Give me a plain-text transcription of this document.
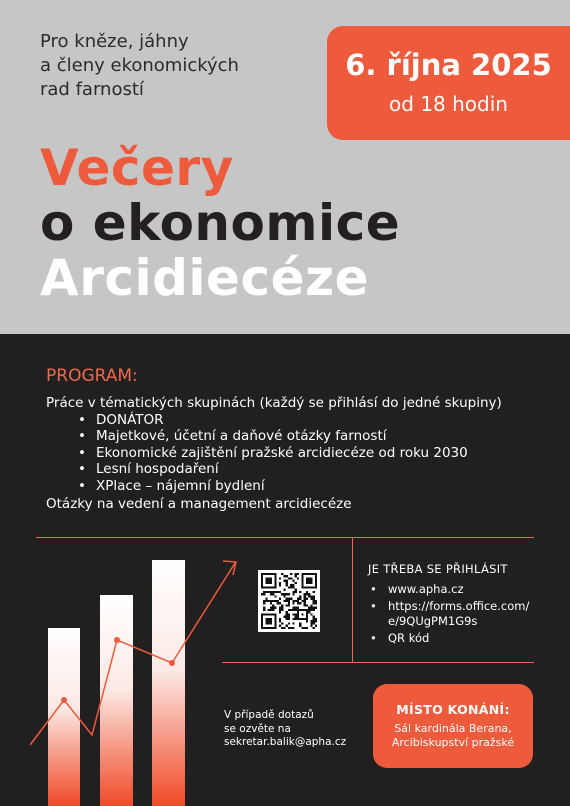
Pro kněze, jáhny
a členy ekonomických
rad farností
6. října 2025
od 18 hodin
Večery
o ekonomice
Arcidiecéze
PROGRAM:
Práce v tématických skupinách (každý se přihlásí do jedné skupiny)
• DONÁTOR
• Majetkové, účetní a daňové otázky farností
• Ekonomické zajištění pražské arcidiecéze od roku 2030
• Lesní hospodaření
• XPlace – nájemní bydlení
Otázky na vedení a management arcidiecéze
JE TŘEBA SE PŘIHLÁSIT
• www.apha.cz
• https://forms.office.com/​e/9QUgPM1G9s
• QR kód
V případě dotazů
se ozvěte na
sekretar.balik@apha.cz
MÍSTO KONÁNÍ:
Sál kardinála Berana,
Arcibiskupství pražské
